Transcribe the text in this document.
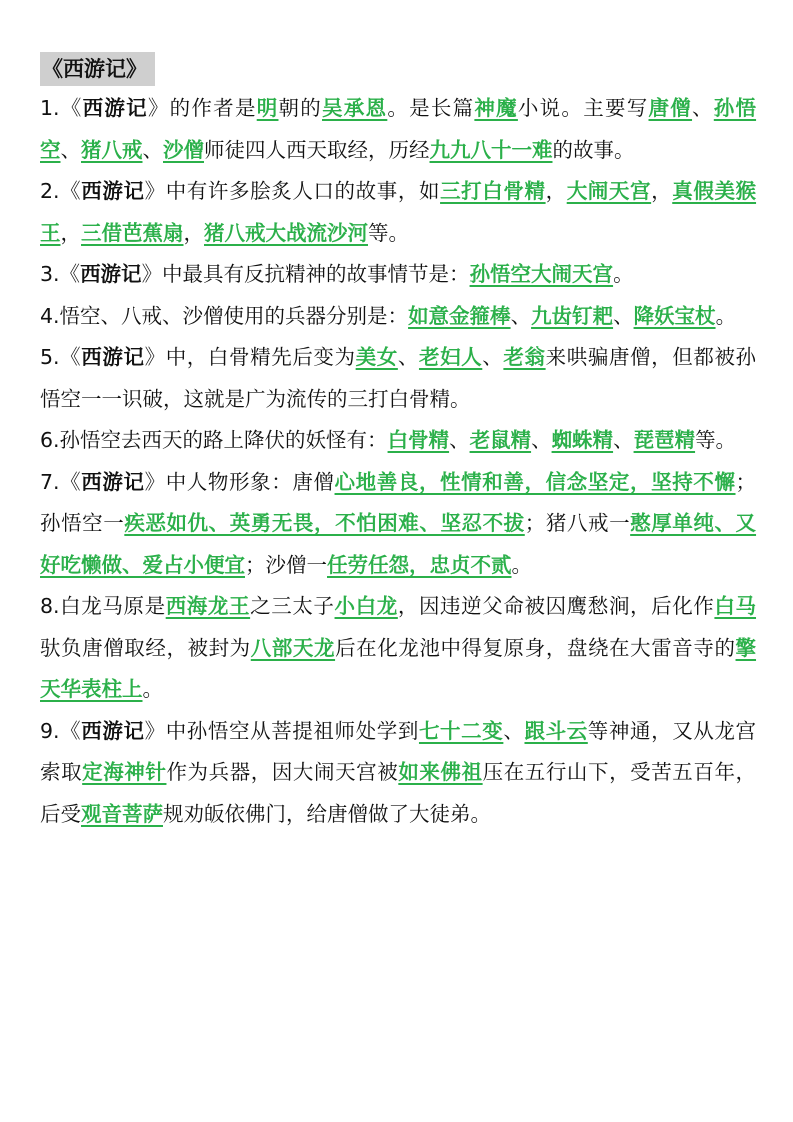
《西游记》
1.《西游记》的作者是明朝的吴承恩。是长篇神魔小说。主要写唐僧、孙悟空、猪八戒、沙僧师徒四人西天取经，历经九九八十一难的故事。
2.《西游记》中有许多脍炙人口的故事，如三打白骨精，大闹天宫，真假美猴王，三借芭蕉扇，猪八戒大战流沙河等。
3.《西游记》中最具有反抗精神的故事情节是：孙悟空大闹天宫。
4.悟空、八戒、沙僧使用的兵器分别是：如意金箍棒、九齿钉耙、降妖宝杖。
5.《西游记》中，白骨精先后变为美女、老妇人、老翁来哄骗唐僧，但都被孙悟空一一识破，这就是广为流传的三打白骨精。
6.孙悟空去西天的路上降伏的妖怪有：白骨精、老鼠精、蜘蛛精、琵琶精等。
7.《西游记》中人物形象：唐僧心地善良，性情和善，信念坚定，坚持不懈；孙悟空一疾恶如仇、英勇无畏，不怕困难、坚忍不拔；猪八戒一憨厚单纯、又好吃懒做、爱占小便宜；沙僧一任劳任怨，忠贞不贰。
8.白龙马原是西海龙王之三太子小白龙，因违逆父命被囚鹰愁涧，后化作白马驮负唐僧取经，被封为八部天龙后在化龙池中得复原身，盘绕在大雷音寺的擎天华表柱上。
9.《西游记》中孙悟空从菩提祖师处学到七十二变、跟斗云等神通，又从龙宫索取定海神针作为兵器，因大闹天宫被如来佛祖压在五行山下，受苦五百年，后受观音菩萨规劝皈依佛门，给唐僧做了大徒弟。
